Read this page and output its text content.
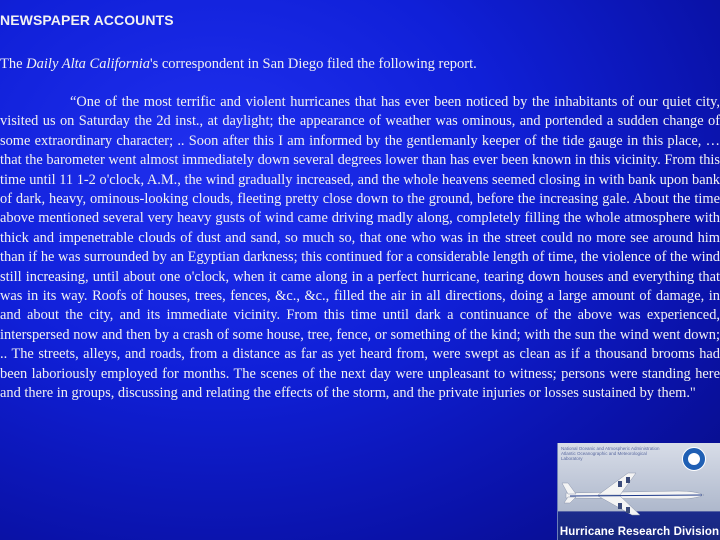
NEWSPAPER ACCOUNTS
The Daily Alta California's correspondent in San Diego filed the following report.

“One of the most terrific and violent hurricanes that has ever been noticed by the inhabitants of our quiet city, visited us on Saturday the 2d inst., at daylight; the appearance of weather was ominous, and portended a sudden change of some extraordinary character; .. Soon after this I am informed by the gentlemanly keeper of the tide gauge in this place, … that the barometer went almost immediately down several degrees lower than has ever been known in this vicinity. From this time until 11 1-2 o'clock, A.M., the wind gradually increased, and the whole heavens seemed closing in with bank upon bank of dark, heavy, ominous-looking clouds, fleeting pretty close down to the ground, before the increasing gale. About the time above mentioned several very heavy gusts of wind came driving madly along, completely filling the whole atmosphere with thick and impenetrable clouds of dust and sand, so much so, that one who was in the street could no more see around him than if he was surrounded by an Egyptian darkness; this continued for a considerable length of time, the violence of the wind still increasing, until about one o'clock, when it came along in a perfect hurricane, tearing down houses and everything that was in its way. Roofs of houses, trees, fences, &c., &c., filled the air in all directions, doing a large amount of damage, in and about the city, and its immediate vicinity. From this time until dark a continuance of the above was experienced, interspersed now and then by a crash of some house, tree, fence, or something of the kind; with the sun the wind went down; .. The streets, alleys, and roads, from a distance as far as yet heard from, were swept as clean as if a thousand brooms had been laboriously employed for months. The scenes of the next day were unpleasant to witness; persons were standing here and there in groups, discussing and relating the effects of the storm, and the private injuries or losses sustained by them."

National Oceanic and Atmospheric Administration
Atlantic Oceanographic and Meteorological Laboratory
Hurricane Research Division
